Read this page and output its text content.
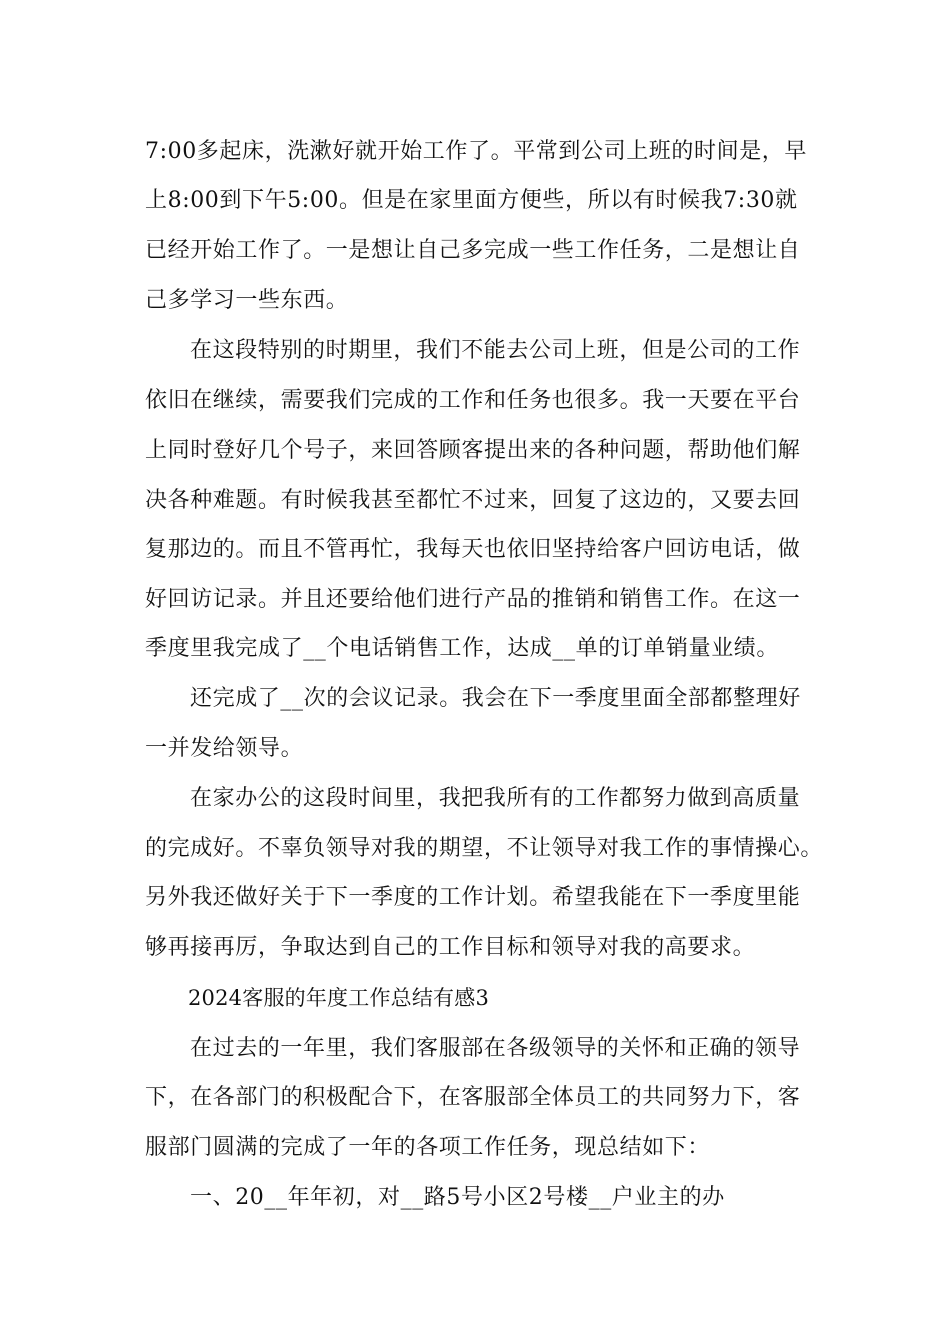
7:00多起床，洗漱好就开始工作了。平常到公司上班的时间是，早
上8:00到下午5:00。但是在家里面方便些，所以有时候我7:30就
已经开始工作了。一是想让自己多完成一些工作任务，二是想让自
己多学习一些东西。
在这段特别的时期里，我们不能去公司上班，但是公司的工作
依旧在继续，需要我们完成的工作和任务也很多。我一天要在平台
上同时登好几个号子，来回答顾客提出来的各种问题，帮助他们解
决各种难题。有时候我甚至都忙不过来，回复了这边的，又要去回
复那边的。而且不管再忙，我每天也依旧坚持给客户回访电话，做
好回访记录。并且还要给他们进行产品的推销和销售工作。在这一
季度里我完成了__个电话销售工作，达成__单的订单销量业绩。
还完成了__次的会议记录。我会在下一季度里面全部都整理好
一并发给领导。
在家办公的这段时间里，我把我所有的工作都努力做到高质量
的完成好。不辜负领导对我的期望，不让领导对我工作的事情操心。
另外我还做好关于下一季度的工作计划。希望我能在下一季度里能
够再接再厉，争取达到自己的工作目标和领导对我的高要求。
2024客服的年度工作总结有感3
在过去的一年里，我们客服部在各级领导的关怀和正确的领导
下，在各部门的积极配合下，在客服部全体员工的共同努力下，客
服部门圆满的完成了一年的各项工作任务，现总结如下：
一、20__年年初，对__路5号小区2号楼__户业主的办
